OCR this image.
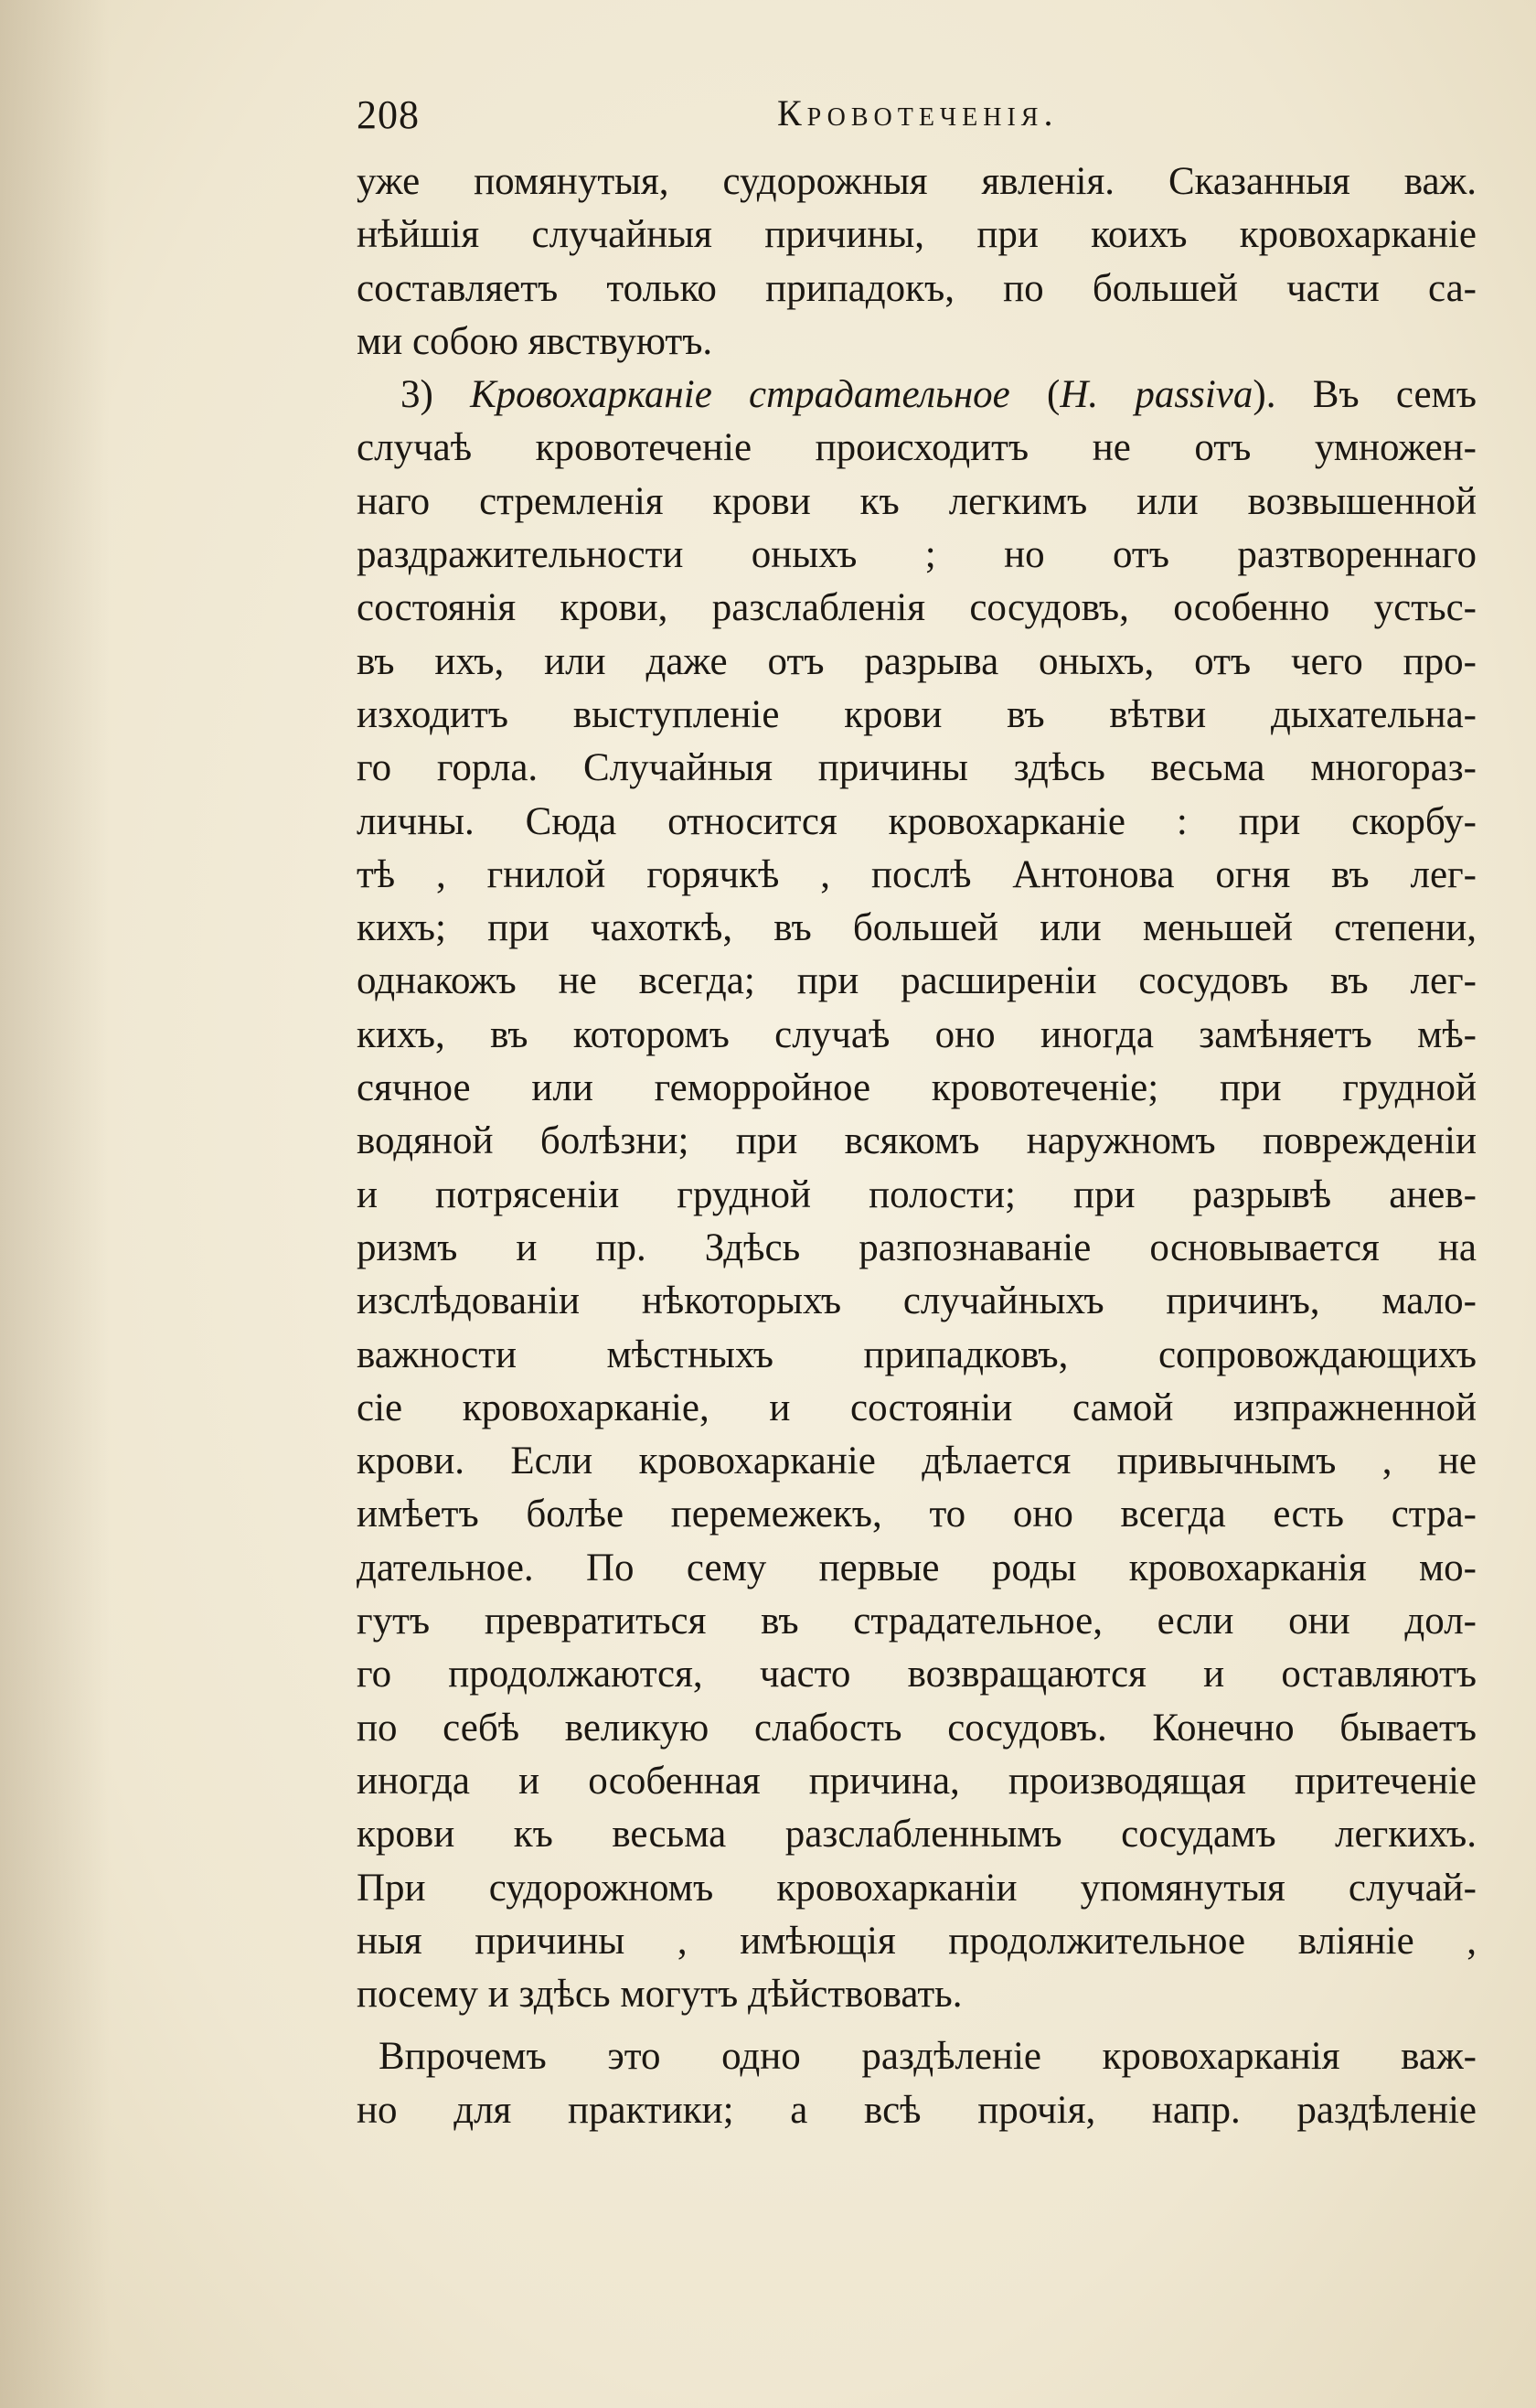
208	Кровотеченія.
уже помянутыя, судорожныя явленія. Сказанныя важ.
нѣйшія случайныя причины, при коихъ кровохарканіе
составляетъ только припадокъ, по большей части са-
ми собою явствуютъ.
3) Кровохарканіе страдательное (H. passiva). Въ семъ
случаѣ кровотеченіе происходитъ не отъ умножен-
наго стремленія крови къ легкимъ или возвышенной
раздражительности оныхъ ; но отъ разтвореннаго
состоянія крови, разслабленія сосудовъ, особенно устьс-
въ ихъ, или даже отъ разрыва оныхъ, отъ чего про-
изходитъ выступленіе крови въ вѣтви дыхательна-
го горла. Случайныя причины здѣсь весьма многораз-
личны. Сюда относится кровохарканіе : при скорбу-
тѣ , гнилой горячкѣ , послѣ Антонова огня въ лег-
кихъ; при чахоткѣ, въ большей или меньшей степени,
однакожъ не всегда; при расширеніи сосудовъ въ лег-
кихъ, въ которомъ случаѣ оно иногда замѣняетъ мѣ-
сячное или геморройное кровотеченіе; при грудной
водяной болѣзни; при всякомъ наружномъ поврежденіи
и потрясеніи грудной полости; при разрывѣ анев-
ризмъ и пр. Здѣсь разпознаваніе основывается на
изслѣдованіи нѣкоторыхъ случайныхъ причинъ, мало-
важности мѣстныхъ припадковъ, сопровождающихъ
сіе кровохарканіе, и состояніи самой изпражненной
крови. Если кровохарканіе дѣлается привычнымъ , не
имѣетъ болѣе перемежекъ, то оно всегда есть стра-
дательное. По сему первые роды кровохарканія мо-
гутъ превратиться въ страдательное, если они дол-
го продолжаются, часто возвращаются и оставляютъ
по себѣ великую слабость сосудовъ. Конечно бываетъ
иногда и особенная причина, производящая притеченіе
крови къ весьма разслабленнымъ сосудамъ легкихъ.
При судорожномъ кровохарканіи упомянутыя случай-
ныя причины , имѣющія продолжительное вліяніе ,
посему и здѣсь могутъ дѣйствовать.
Впрочемъ это одно раздѣленіе кровохарканія важ-
но для практики; а всѣ прочія, напр. раздѣленіе
